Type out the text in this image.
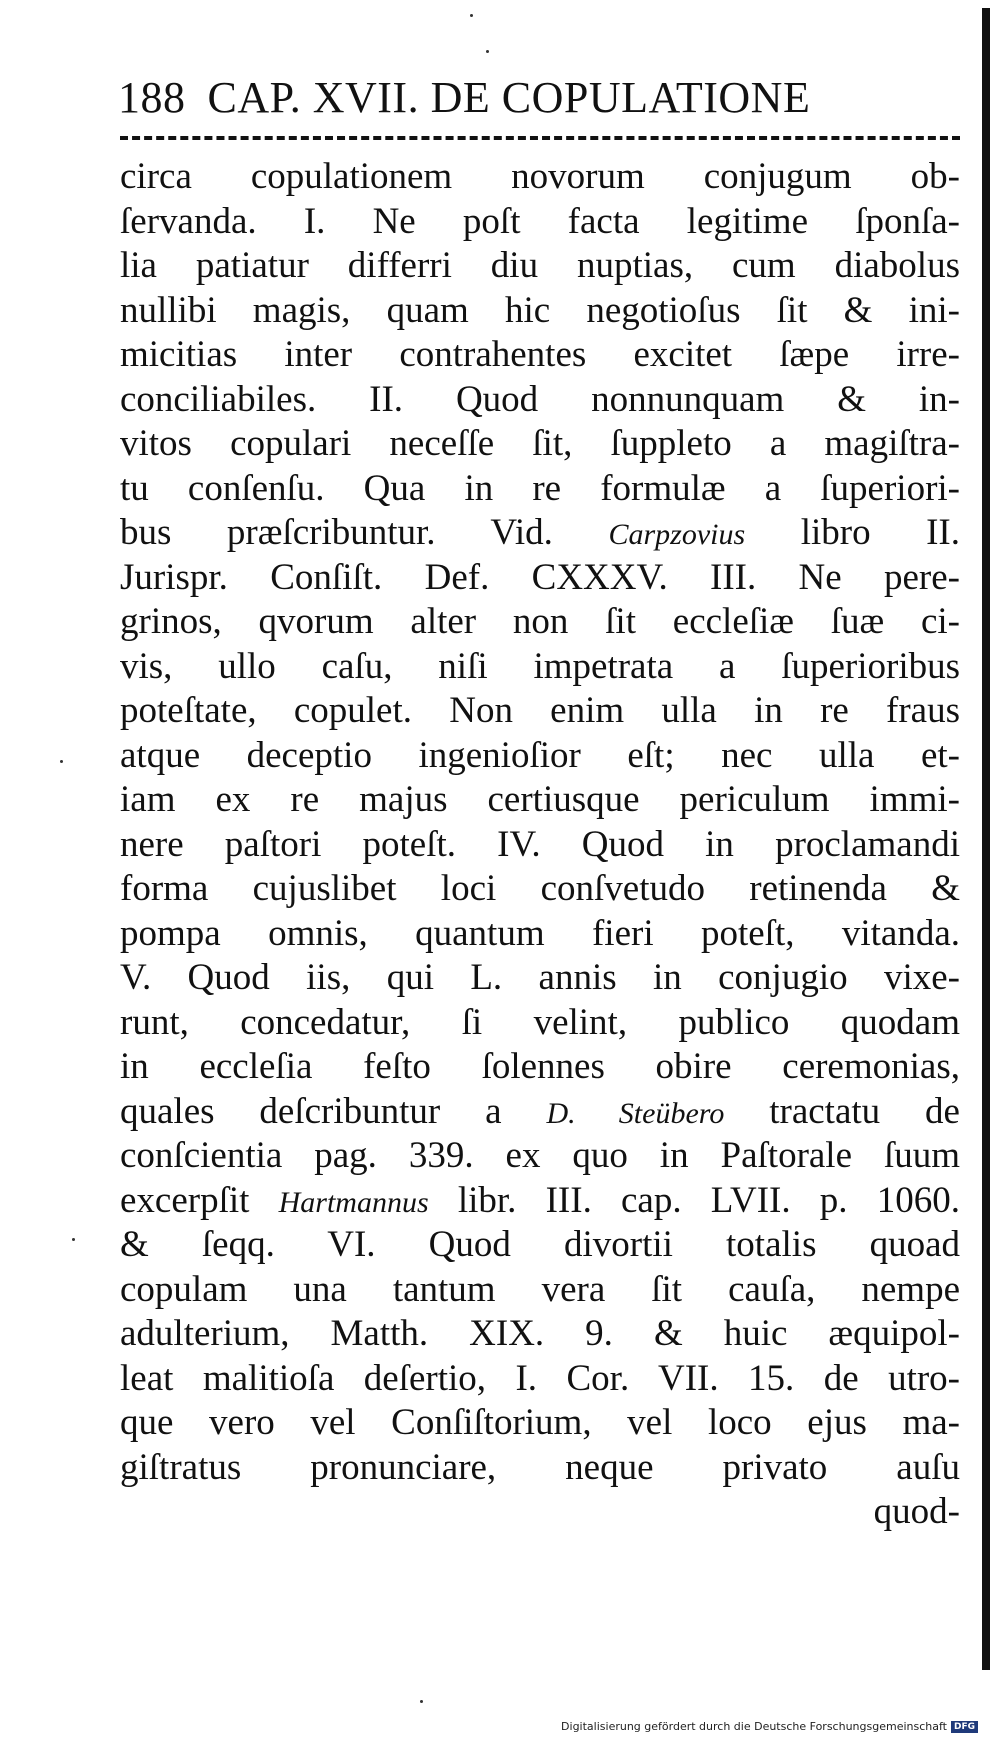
188 CAP. XVII. DE COPULATIONE
circa copulationem novorum conjugum ob-
ſervanda. I. Ne poſt facta legitime ſponſa-
lia patiatur differri diu nuptias, cum diabolus
nullibi magis, quam hic negotioſus ſit & ini-
micitias inter contrahentes excitet ſæpe irre-
conciliabiles. II. Quod nonnunquam & in-
vitos copulari neceſſe ſit, ſuppleto a magiſtra-
tu conſenſu. Qua in re formulæ a ſuperiori-
bus præſcribuntur. Vid. Carpzovius libro II.
Jurispr. Conſiſt. Def. CXXXV. III. Ne pere-
grinos, qvorum alter non ſit eccleſiæ ſuæ ci-
vis, ullo caſu, niſi impetrata a ſuperioribus
poteſtate, copulet. Non enim ulla in re fraus
atque deceptio ingenioſior eſt; nec ulla et-
iam ex re majus certiusque periculum immi-
nere paſtori poteſt. IV. Quod in proclamandi
forma cujuslibet loci conſvetudo retinenda &
pompa omnis, quantum fieri poteſt, vitanda.
V. Quod iis, qui L. annis in conjugio vixe-
runt, concedatur, ſi velint, publico quodam
in eccleſia feſto ſolennes obire ceremonias,
quales deſcribuntur a D. Steübero tractatu de
conſcientia pag. 339. ex quo in Paſtorale ſuum
excerpſit Hartmannus libr. III. cap. LVII. p. 1060.
& ſeqq. VI. Quod divortii totalis quoad
copulam una tantum vera ſit cauſa, nempe
adulterium, Matth. XIX. 9. & huic æquipol-
leat malitioſa deſertio, I. Cor. VII. 15. de utro-
que vero vel Conſiſtorium, vel loco ejus ma-
giſtratus pronunciare, neque privato auſu
quod-
Digitalisierung gefördert durch die Deutsche Forschungsgemeinschaft DFG
